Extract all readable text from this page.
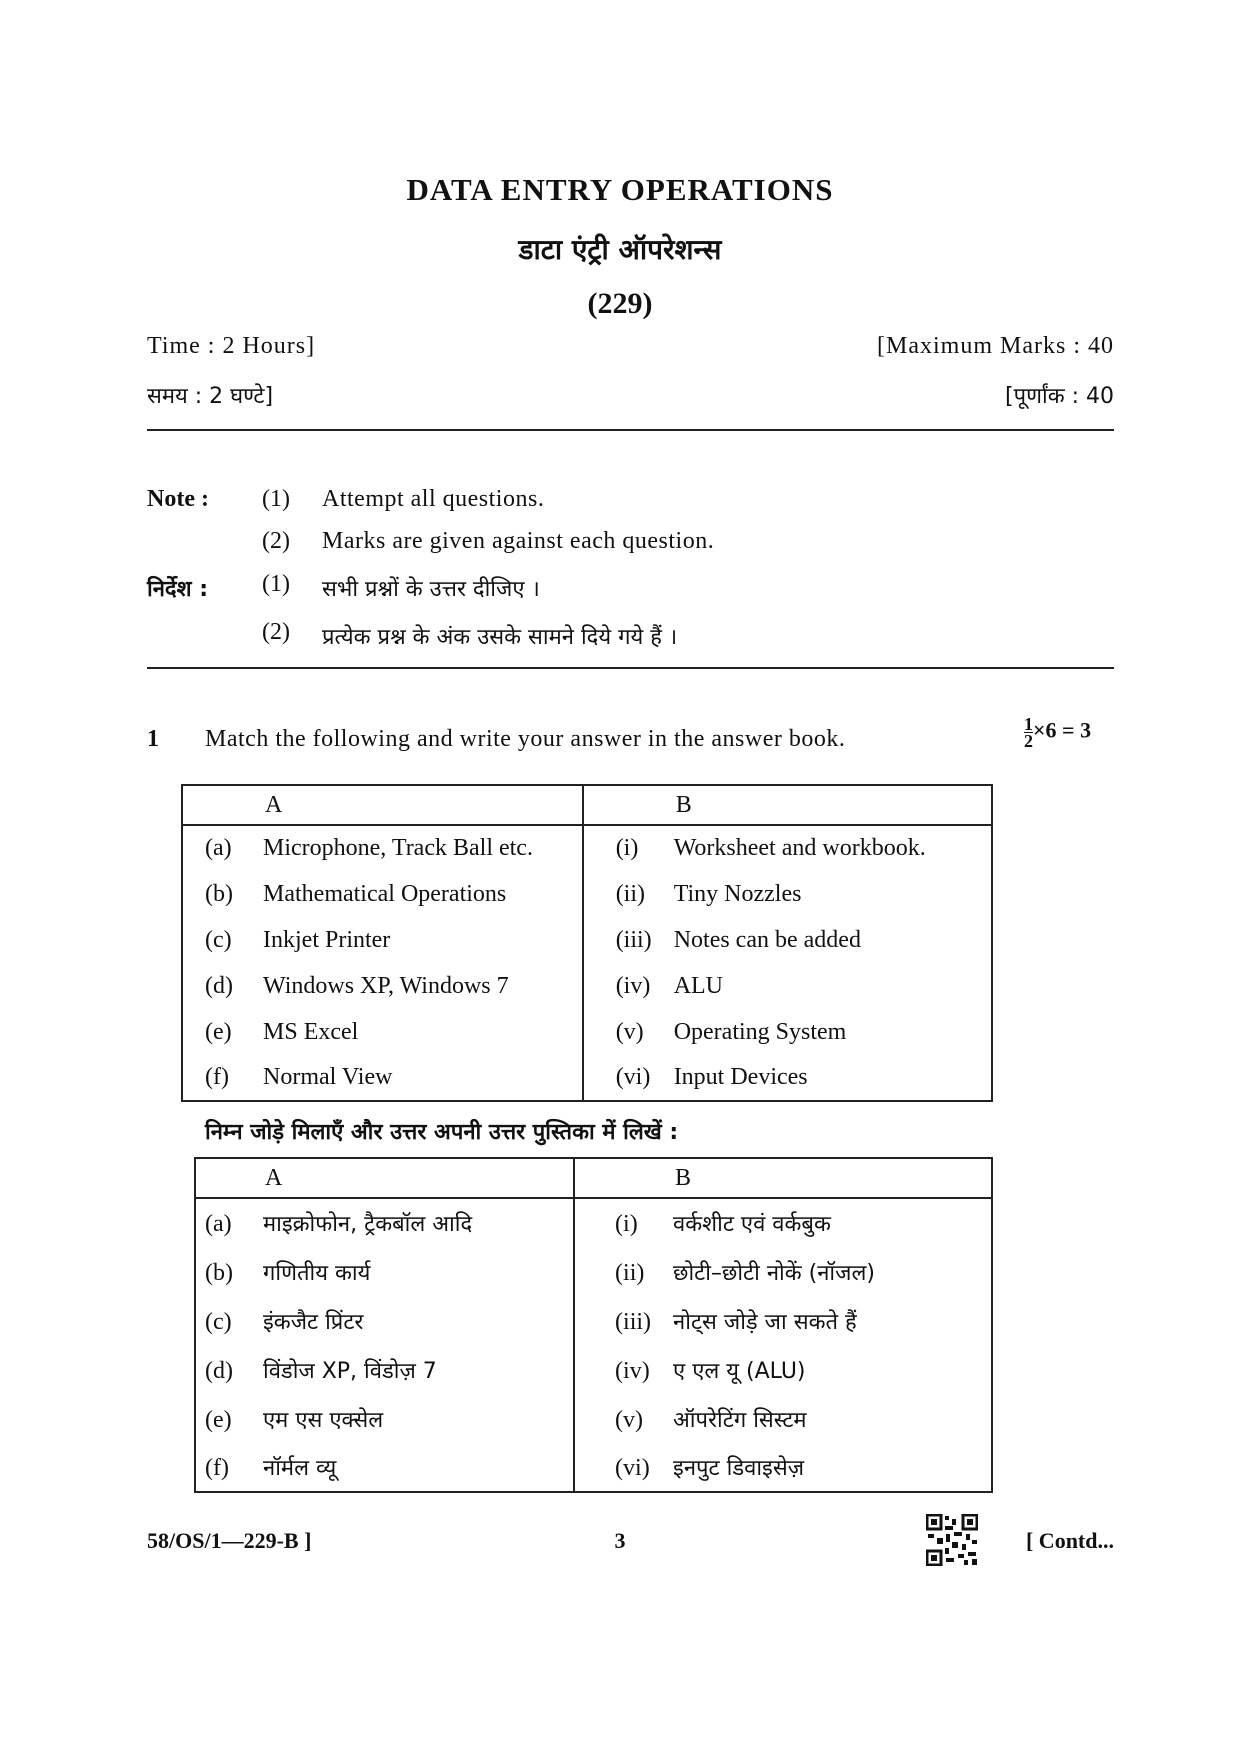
DATA ENTRY OPERATIONS
डाटा एंट्री ऑपरेशन्स
(229)
Time : 2 Hours]	[Maximum Marks : 40
समय : 2 घण्टे]	[पूर्णांक : 40
Note : (1) Attempt all questions.
(2) Marks are given against each question.
निर्देश : (1) सभी प्रश्नों के उत्तर दीजिए ।
(2) प्रत्येक प्रश्न के अंक उसके सामने दिये गये हैं ।
1 Match the following and write your answer in the answer book.	$\frac{1}{2} \times 6 = 3$
A	B
(a) Microphone, Track Ball etc.	(i) Worksheet and workbook.
(b) Mathematical Operations	(ii) Tiny Nozzles
(c) Inkjet Printer	(iii) Notes can be added
(d) Windows XP, Windows 7	(iv) ALU
(e) MS Excel	(v) Operating System
(f) Normal View	(vi) Input Devices
निम्न जोड़े मिलाएँ और उत्तर अपनी उत्तर पुस्तिका में लिखें :
A	B
(a) माइक्रोफोन, ट्रैकबॉल आदि	(i) वर्कशीट एवं वर्कबुक
(b) गणितीय कार्य	(ii) छोटी–छोटी नोकें (नॉजल)
(c) इंकजैट प्रिंटर	(iii) नोट्स जोड़े जा सकते हैं
(d) विंडोज XP, विंडोज़ 7	(iv) ए एल यू (ALU)
(e) एम एस एक्सेल	(v) ऑपरेटिंग सिस्टम
(f) नॉर्मल व्यू	(vi) इनपुट डिवाइसेज़
58/OS/1—229-B ]	3	[ Contd...
